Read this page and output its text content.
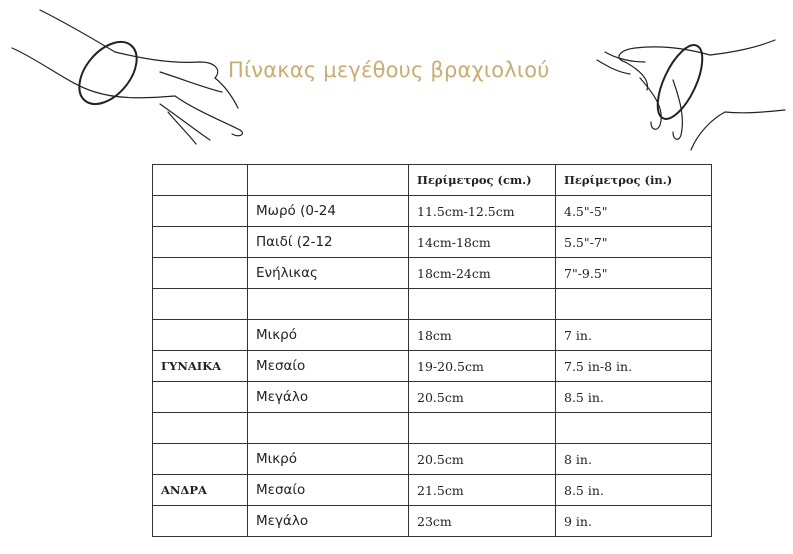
Πίνακας μεγέθους βραχιολιού
		Περίμετρος (cm.)	Περίμετρος (in.)
	Μωρό (0-24	11.5cm-12.5cm	4.5"-5"
	Παιδί (2-12	14cm-18cm	5.5"-7"
	Ενήλικας	18cm-24cm	7"-9.5"

	Μικρό	18cm	7 in.
ΓΥΝΑΙΚΑ	Μεσαίο	19-20.5cm	7.5 in-8 in.
	Μεγάλο	20.5cm	8.5 in.

	Μικρό	20.5cm	8 in.
ΑΝΔΡΑ	Μεσαίο	21.5cm	8.5 in.
	Μεγάλο	23cm	9 in.
